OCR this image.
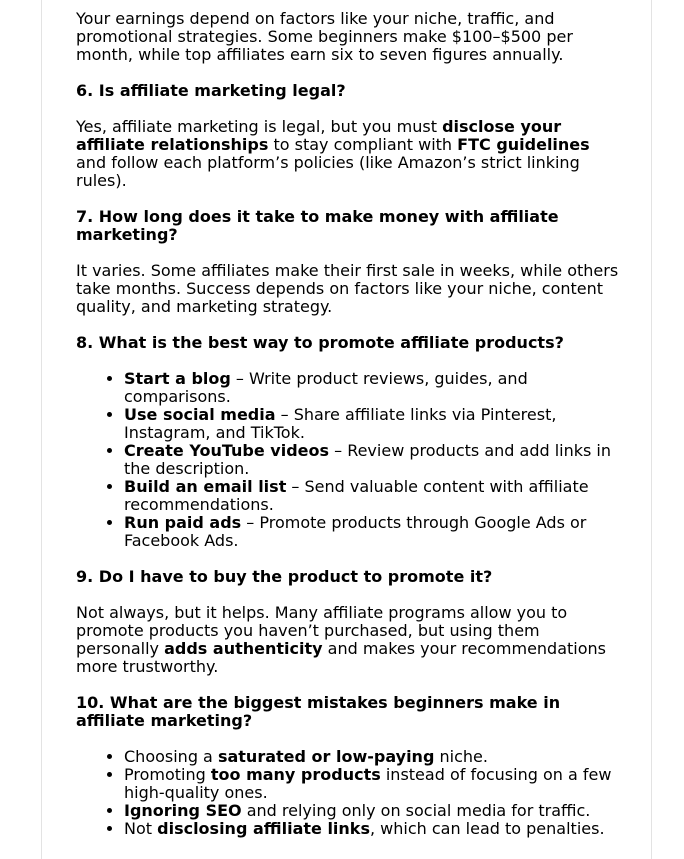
Your earnings depend on factors like your niche, traffic, and promotional strategies. Some beginners make $100–$500 per month, while top affiliates earn six to seven figures annually.

6. Is affiliate marketing legal?

Yes, affiliate marketing is legal, but you must disclose your affiliate relationships to stay compliant with FTC guidelines and follow each platform’s policies (like Amazon’s strict linking rules).

7. How long does it take to make money with affiliate marketing?

It varies. Some affiliates make their first sale in weeks, while others take months. Success depends on factors like your niche, content quality, and marketing strategy.

8. What is the best way to promote affiliate products?
• Start a blog – Write product reviews, guides, and comparisons.
• Use social media – Share affiliate links via Pinterest, Instagram, and TikTok.
• Create YouTube videos – Review products and add links in the description.
• Build an email list – Send valuable content with affiliate recommendations.
• Run paid ads – Promote products through Google Ads or Facebook Ads.
9. Do I have to buy the product to promote it?

Not always, but it helps. Many affiliate programs allow you to promote products you haven’t purchased, but using them personally adds authenticity and makes your recommendations more trustworthy.

10. What are the biggest mistakes beginners make in affiliate marketing?
• Choosing a saturated or low-paying niche.
• Promoting too many products instead of focusing on a few high-quality ones.
• Ignoring SEO and relying only on social media for traffic.
• Not disclosing affiliate links, which can lead to penalties.
